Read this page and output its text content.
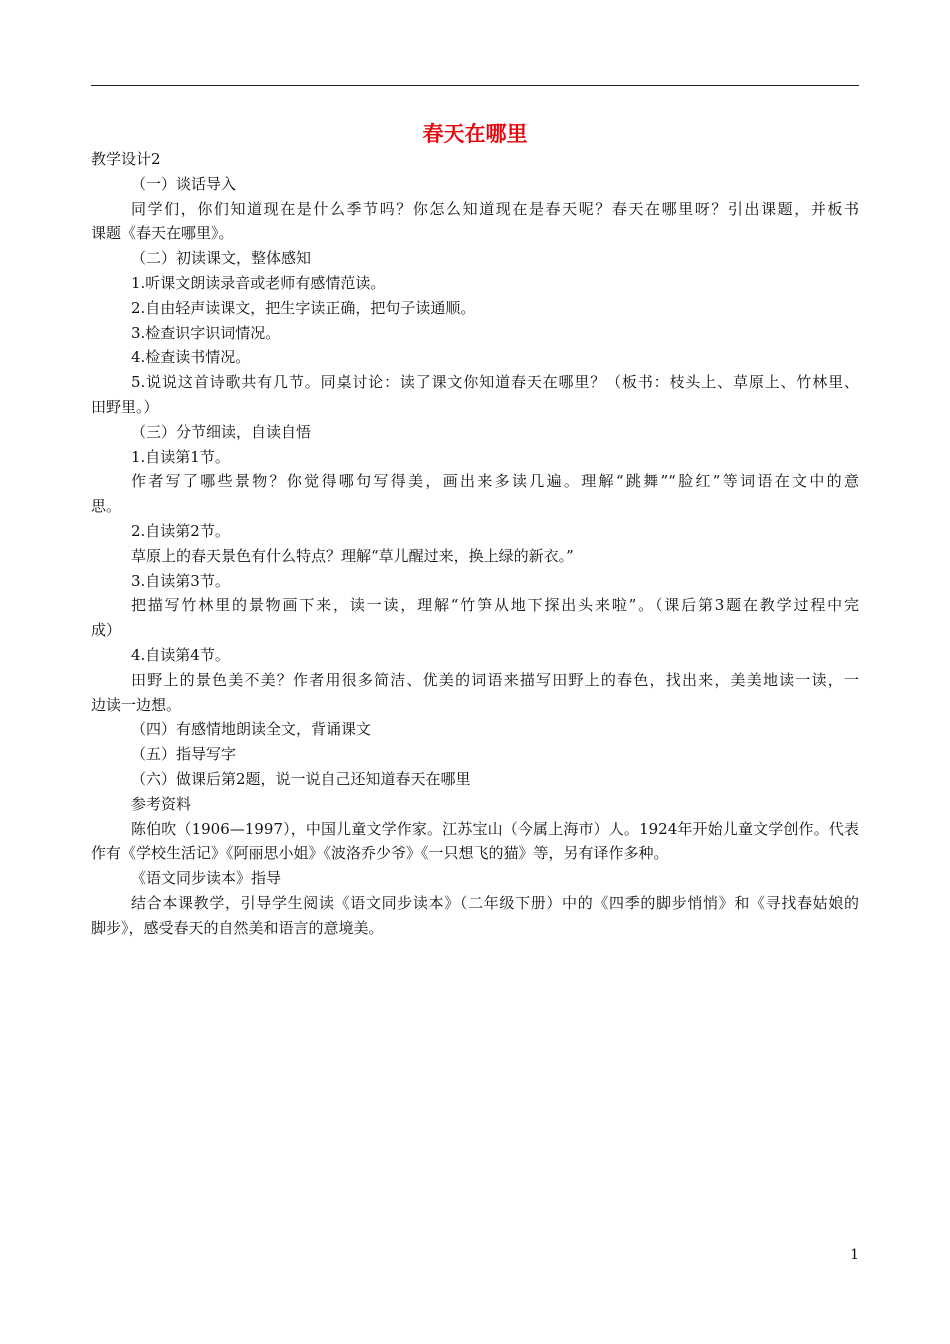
春天在哪里
教学设计2
（一）谈话导入
同学们，你们知道现在是什么季节吗？你怎么知道现在是春天呢？春天在哪里呀？引出课题，并板书
课题《春天在哪里》。
（二）初读课文，整体感知
1.听课文朗读录音或老师有感情范读。
2.自由轻声读课文，把生字读正确，把句子读通顺。
3.检查识字识词情况。
4.检查读书情况。
5.说说这首诗歌共有几节。同桌讨论：读了课文你知道春天在哪里？（板书：枝头上、草原上、竹林里、
田野里。）
（三）分节细读，自读自悟
1.自读第1节。
作者写了哪些景物？你觉得哪句写得美，画出来多读几遍。理解“跳舞”“脸红”等词语在文中的意
思。
2.自读第2节。
草原上的春天景色有什么特点？理解“草儿醒过来，换上绿的新衣。”
3.自读第3节。
把描写竹林里的景物画下来，读一读，理解“竹笋从地下探出头来啦”。（课后第3题在教学过程中完
成）
4.自读第4节。
田野上的景色美不美？作者用很多简洁、优美的词语来描写田野上的春色，找出来，美美地读一读，一
边读一边想。
（四）有感情地朗读全文，背诵课文
（五）指导写字
（六）做课后第2题，说一说自己还知道春天在哪里
参考资料
陈伯吹（1906—1997），中国儿童文学作家。江苏宝山（今属上海市）人。1924年开始儿童文学创作。代表
作有《学校生活记》《阿丽思小姐》《波洛乔少爷》《一只想飞的猫》等，另有译作多种。
《语文同步读本》指导
结合本课教学，引导学生阅读《语文同步读本》（二年级下册）中的《四季的脚步悄悄》和《寻找春姑娘的
脚步》，感受春天的自然美和语言的意境美。
1
